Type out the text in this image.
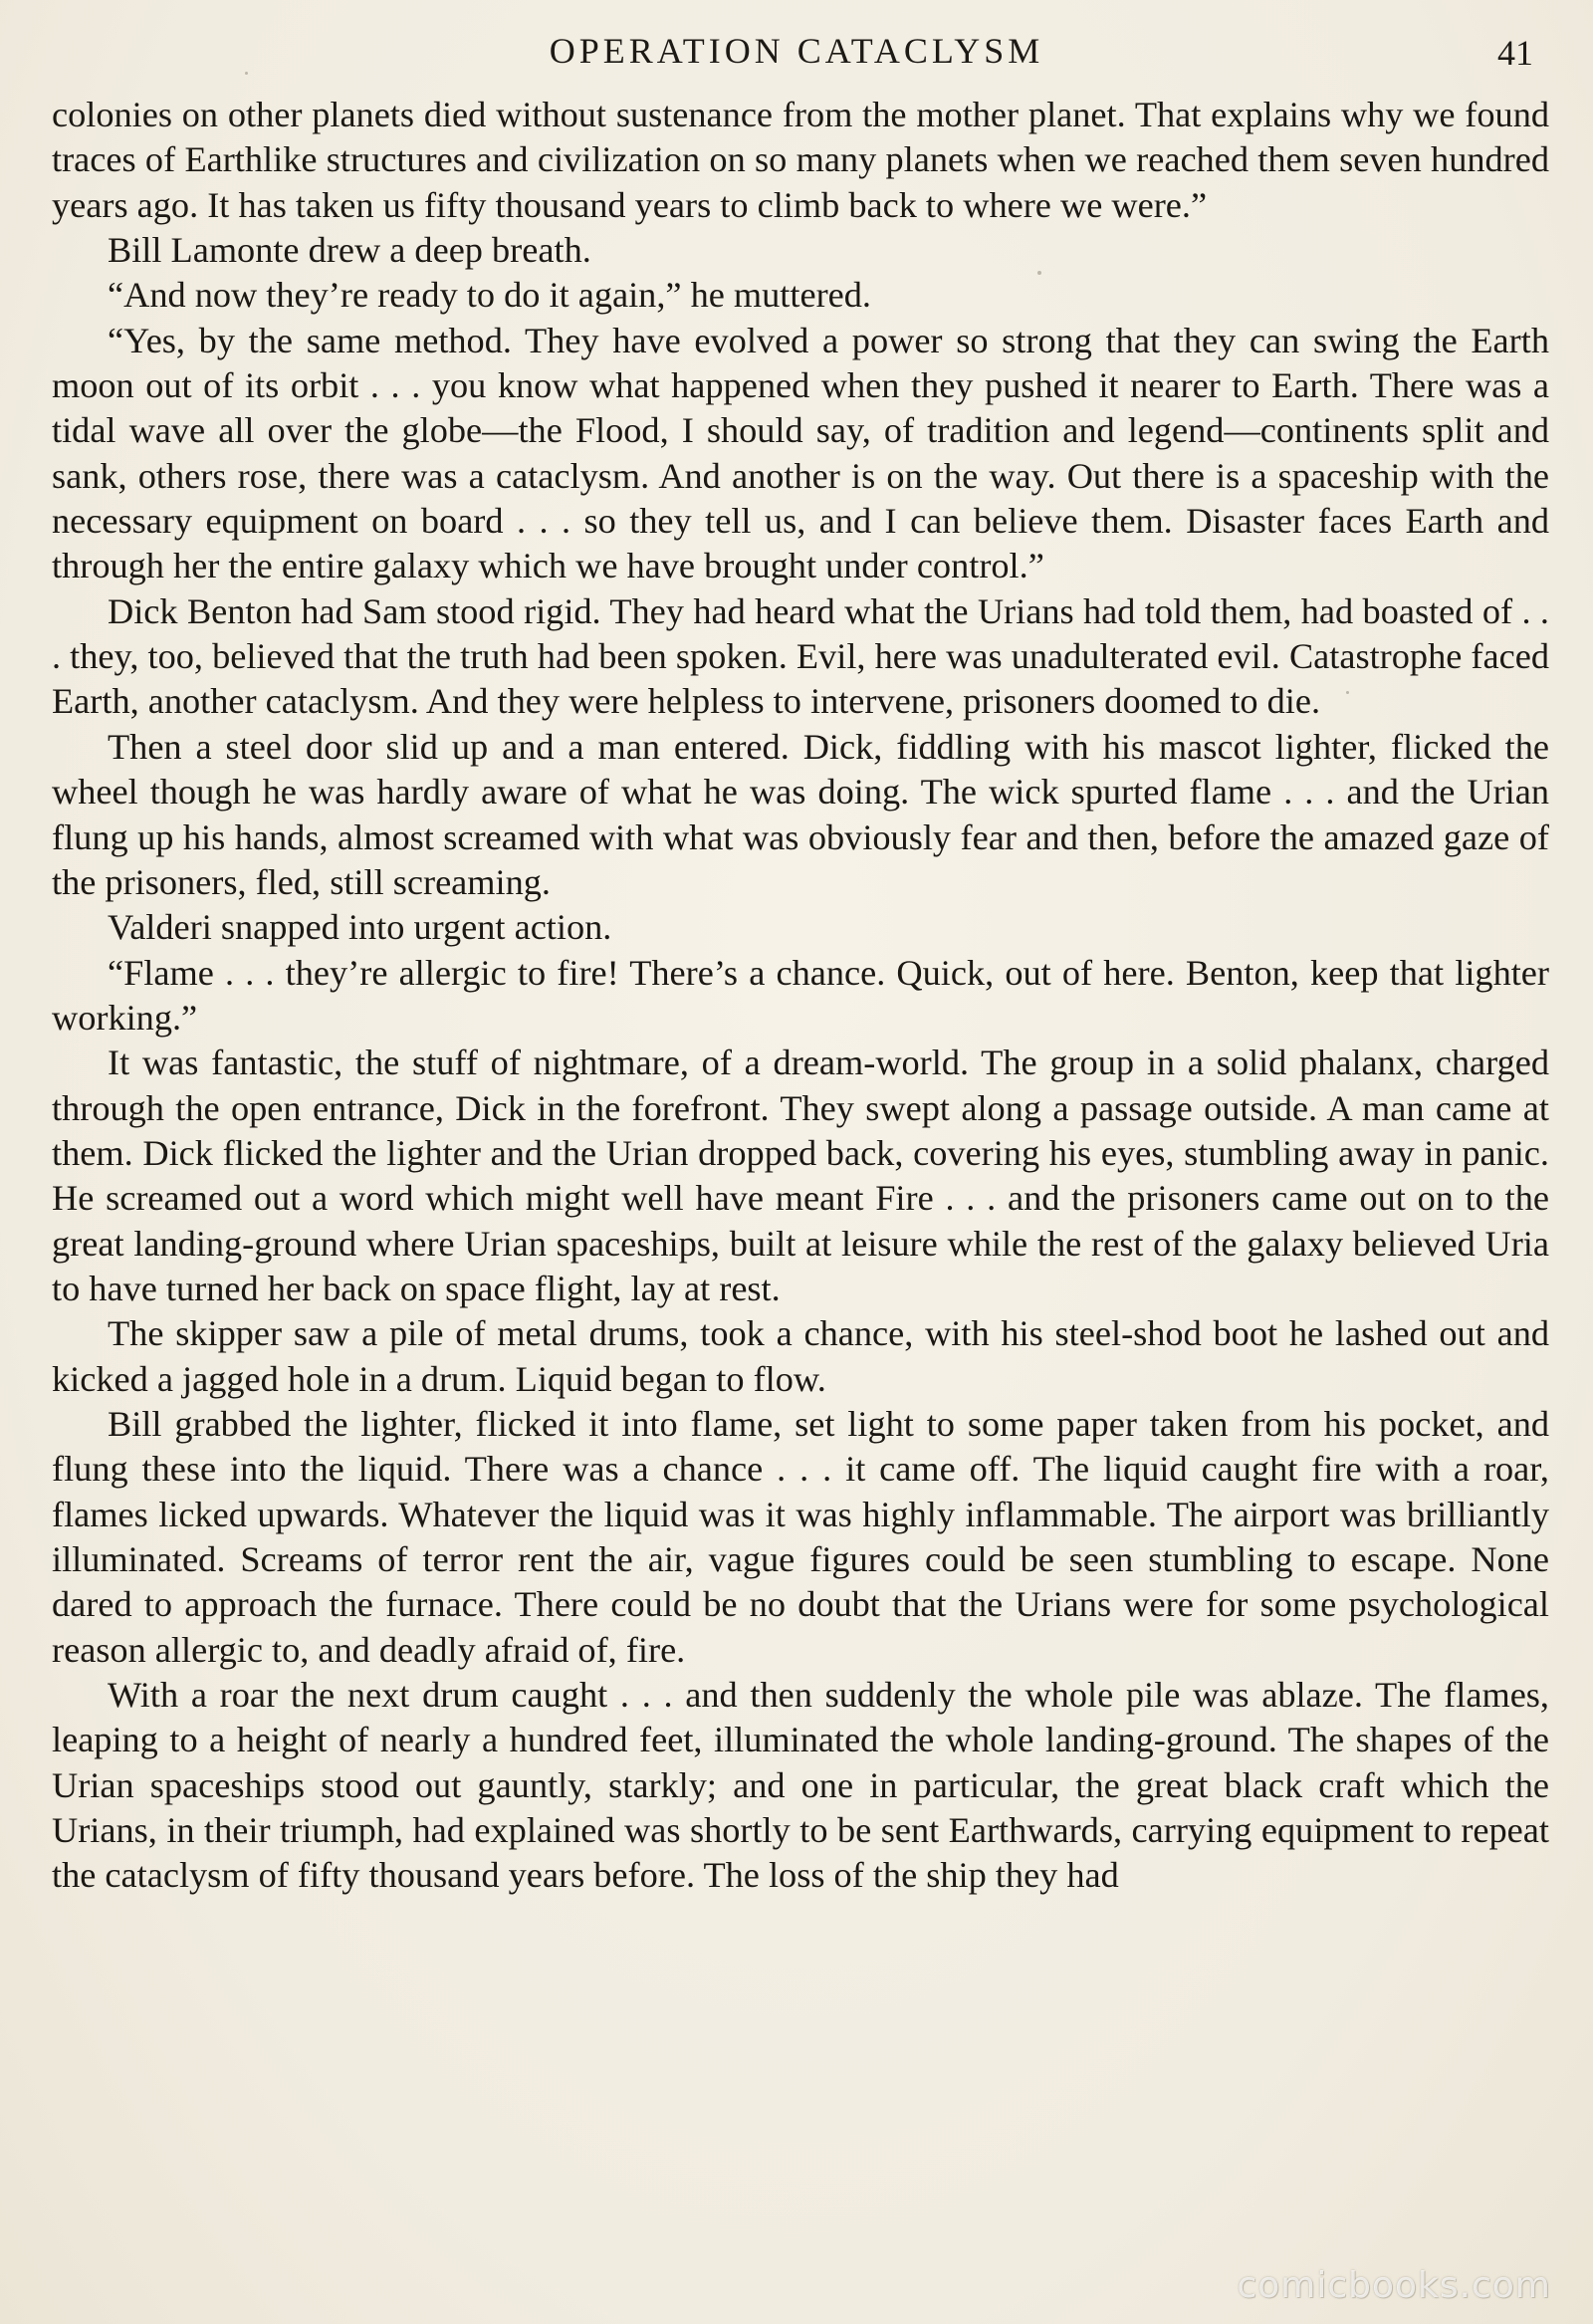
OPERATION CATACLYSM	41

colonies on other planets died without sustenance from the mother planet. That explains why we found traces of Earthlike structures and civilization on so many planets when we reached them seven hundred years ago. It has taken us fifty thousand years to climb back to where we were.”

Bill Lamonte drew a deep breath.

“And now they’re ready to do it again,” he muttered.

“Yes, by the same method. They have evolved a power so strong that they can swing the Earth moon out of its orbit . . . you know what happened when they pushed it nearer to Earth. There was a tidal wave all over the globe—the Flood, I should say, of tradition and legend—continents split and sank, others rose, there was a cataclysm. And another is on the way. Out there is a spaceship with the necessary equipment on board . . . so they tell us, and I can believe them. Disaster faces Earth and through her the entire galaxy which we have brought under control.”

Dick Benton had Sam stood rigid. They had heard what the Urians had told them, had boasted of . . . they, too, believed that the truth had been spoken. Evil, here was unadulterated evil. Catastrophe faced Earth, another cataclysm. And they were helpless to intervene, prisoners doomed to die.

Then a steel door slid up and a man entered. Dick, fiddling with his mascot lighter, flicked the wheel though he was hardly aware of what he was doing. The wick spurted flame . . . and the Urian flung up his hands, almost screamed with what was obviously fear and then, before the amazed gaze of the prisoners, fled, still screaming.

Valderi snapped into urgent action.

“Flame . . . they’re allergic to fire! There’s a chance. Quick, out of here. Benton, keep that lighter working.”

It was fantastic, the stuff of nightmare, of a dream-world. The group in a solid phalanx, charged through the open entrance, Dick in the forefront. They swept along a passage outside. A man came at them. Dick flicked the lighter and the Urian dropped back, covering his eyes, stumbling away in panic. He screamed out a word which might well have meant Fire . . . and the prisoners came out on to the great landing-ground where Urian spaceships, built at leisure while the rest of the galaxy believed Uria to have turned her back on space flight, lay at rest.

The skipper saw a pile of metal drums, took a chance, with his steel-shod boot he lashed out and kicked a jagged hole in a drum. Liquid began to flow.

Bill grabbed the lighter, flicked it into flame, set light to some paper taken from his pocket, and flung these into the liquid. There was a chance . . . it came off. The liquid caught fire with a roar, flames licked upwards. Whatever the liquid was it was highly inflammable. The airport was brilliantly illuminated. Screams of terror rent the air, vague figures could be seen stumbling to escape. None dared to approach the furnace. There could be no doubt that the Urians were for some psychological reason allergic to, and deadly afraid of, fire.

With a roar the next drum caught . . . and then suddenly the whole pile was ablaze. The flames, leaping to a height of nearly a hundred feet, illuminated the whole landing-ground. The shapes of the Urian spaceships stood out gauntly, starkly; and one in particular, the great black craft which the Urians, in their triumph, had explained was shortly to be sent Earthwards, carrying equipment to repeat the cataclysm of fifty thousand years before. The loss of the ship they had

comicbooks.com
